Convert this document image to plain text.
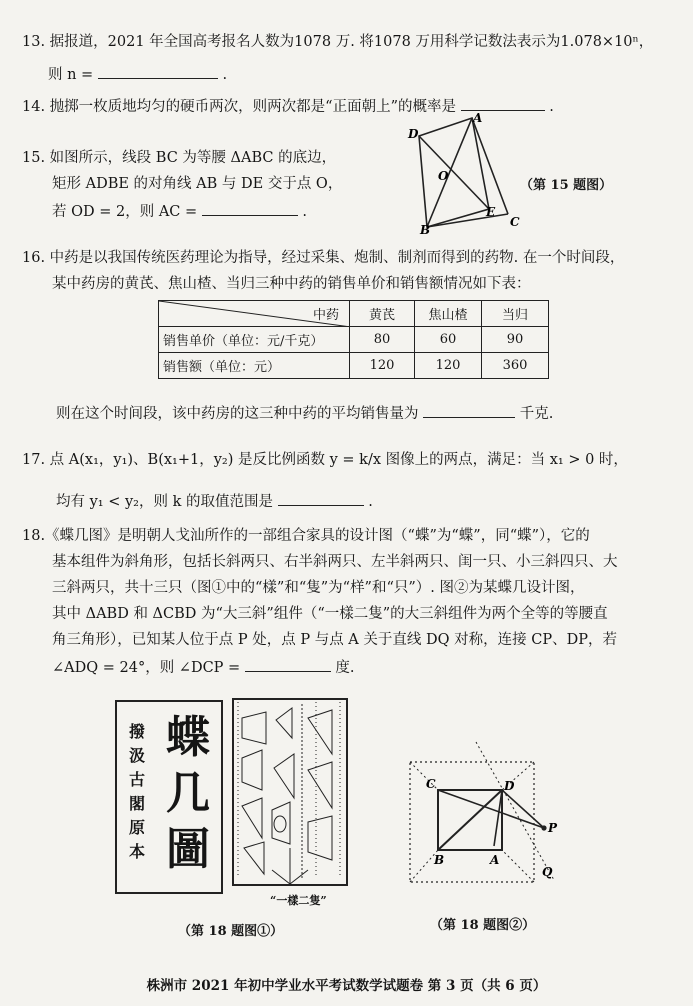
13. 据报道，2021 年全国高考报名人数为1078 万. 将1078 万用科学记数法表示为1.078×10ⁿ，
则 n =	.
14. 抛掷一枚质地均匀的硬币两次，则两次都是“正面朝上”的概率是	.
15. 如图所示，线段 BC 为等腰 ΔABC 的底边，
矩形 ADBE 的对角线 AB 与 DE 交于点 O，
若 OD = 2，则 AC =	.
D
A
O
B
E
C
（第 15 题图）
16. 中药是以我国传统医药理论为指导，经过采集、炮制、制剂而得到的药物. 在一个时间段，
某中药房的黄芪、焦山楂、当归三种中药的销售单价和销售额情况如下表：
中药	黄芪	焦山楂	当归
销售单价（单位：元/千克）	80	60	90
销售额（单位：元）	120	120	360
则在这个时间段，该中药房的这三种中药的平均销售量为	千克.
17. 点 A(x₁，y₁)、B(x₁+1，y₂) 是反比例函数 y = k/x 图像上的两点，满足：当 x₁ > 0 时，
均有 y₁ < y₂，则 k 的取值范围是	.
18.《蝶几图》是明朝人戈汕所作的一部组合家具的设计图（“蝶”为“蝶”，同“蝶”），它的
基本组件为斜角形，包括长斜两只、右半斜两只、左半斜两只、闺一只、小三斜四只、大
三斜两只，共十三只（图①中的“樣”和“隻”为“样”和“只”）. 图②为某蝶几设计图，
其中 ΔABD 和 ΔCBD 为“大三斜”组件（“一樣二隻”的大三斜组件为两个全等的等腰直
角三角形），已知某人位于点 P 处，点 P 与点 A 关于直线 DQ 对称，连接 CP、DP，若
∠ADQ = 24°，则 ∠DCP =	度.
撥
汲
古
閣
原
本
蝶
几
圖
“一樣二隻”
（第 18 题图①）
C	D
B	A
P
Q
（第 18 题图②）
株洲市 2021 年初中学业水平考试数学试题卷 第 3 页（共 6 页）
